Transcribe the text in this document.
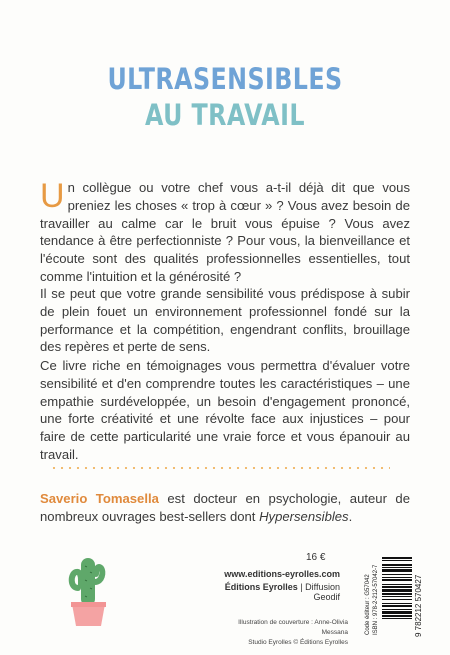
ULTRASENSIBLES
AU TRAVAIL
Un collègue ou votre chef vous a-t-il déjà dit que vous preniez les choses « trop à cœur » ? Vous avez besoin de travailler au calme car le bruit vous épuise ? Vous avez tendance à être perfectionniste ? Pour vous, la bienveillance et l'écoute sont des qualités professionnelles essentielles, tout comme l'intuition et la générosité ?
Il se peut que votre grande sensibilité vous prédispose à subir de plein fouet un environnement professionnel fondé sur la performance et la compétition, engendrant conflits, brouillage des repères et perte de sens.
Ce livre riche en témoignages vous permettra d'évaluer votre sensibilité et d'en comprendre toutes les caractéristiques – une empathie surdéveloppée, un besoin d'engagement prononcé, une forte créativité et une révolte face aux injustices – pour faire de cette particularité une vraie force et vous épanouir au travail.
Saverio Tomasella est docteur en psychologie, auteur de nombreux ouvrages best-sellers dont Hypersensibles.
16 €
www.editions-eyrolles.com
Éditions Eyrolles | Diffusion Geodif
Illustration de couverture : Anne-Olivia Messana
Studio Eyrolles © Éditions Eyrolles
Code éditeur : G57042 ISBN : 978-2-212-57042-7	9 782212 570427
